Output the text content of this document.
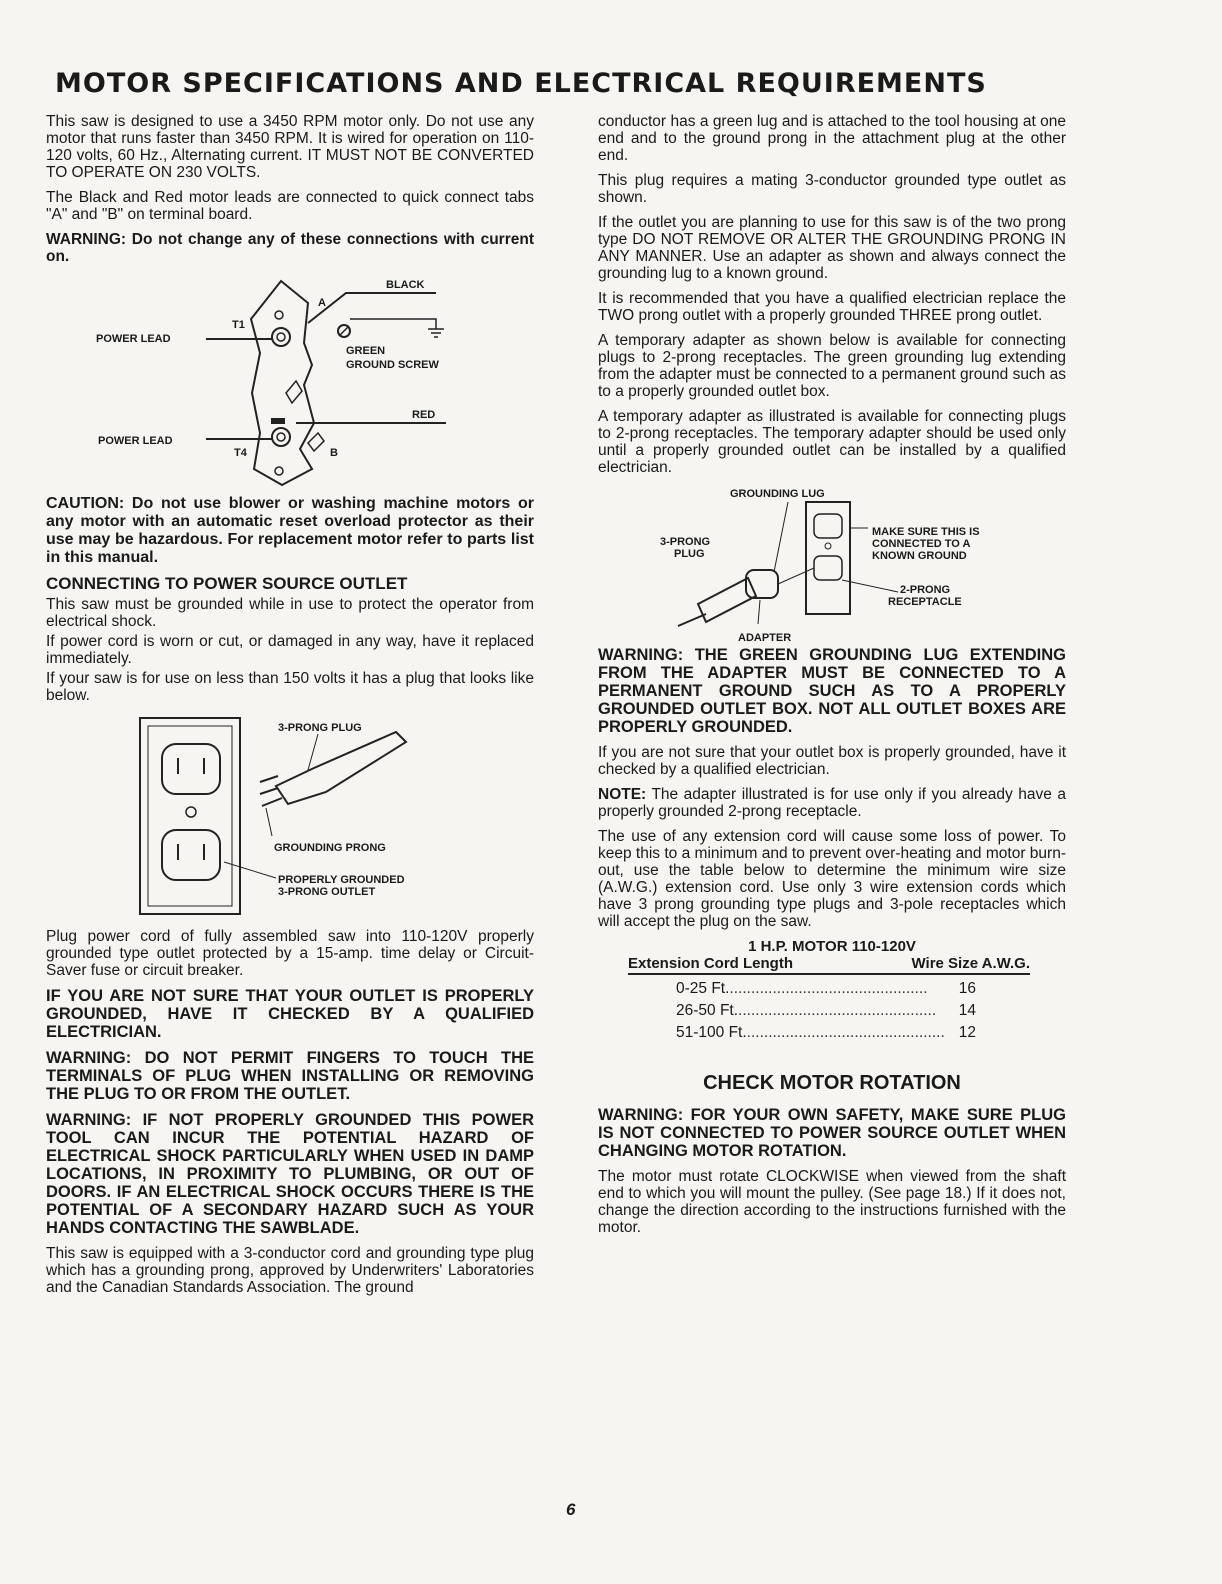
MOTOR SPECIFICATIONS AND ELECTRICAL REQUIREMENTS

This saw is designed to use a 3450 RPM motor only. Do not use any motor that runs faster than 3450 RPM. It is wired for operation on 110-120 volts, 60 Hz., Alternating current. IT MUST NOT BE CONVERTED TO OPERATE ON 230 VOLTS.

The Black and Red motor leads are connected to quick connect tabs "A" and "B" on terminal board.

WARNING: Do not change any of these connections with current on.

BLACK
POWER LEAD
T1
A
GREEN
GROUND SCREW
RED
POWER LEAD
T4	B

CAUTION: Do not use blower or washing machine motors or any motor with an automatic reset overload protector as their use may be hazardous. For replacement motor refer to parts list in this manual.

CONNECTING TO POWER SOURCE OUTLET

This saw must be grounded while in use to protect the operator from electrical shock.

If power cord is worn or cut, or damaged in any way, have it replaced immediately.

If your saw is for use on less than 150 volts it has a plug that looks like below.

3-PRONG PLUG
GROUNDING PRONG
PROPERLY GROUNDED
3-PRONG OUTLET

Plug power cord of fully assembled saw into 110-120V properly grounded type outlet protected by a 15-amp. time delay or Circuit-Saver fuse or circuit breaker.

IF YOU ARE NOT SURE THAT YOUR OUTLET IS PROPERLY GROUNDED, HAVE IT CHECKED BY A QUALIFIED ELECTRICIAN.

WARNING: DO NOT PERMIT FINGERS TO TOUCH THE TERMINALS OF PLUG WHEN INSTALLING OR REMOVING THE PLUG TO OR FROM THE OUTLET.

WARNING: IF NOT PROPERLY GROUNDED THIS POWER TOOL CAN INCUR THE POTENTIAL HAZARD OF ELECTRICAL SHOCK PARTICULARLY WHEN USED IN DAMP LOCATIONS, IN PROXIMITY TO PLUMBING, OR OUT OF DOORS. IF AN ELECTRICAL SHOCK OCCURS THERE IS THE POTENTIAL OF A SECONDARY HAZARD SUCH AS YOUR HANDS CONTACTING THE SAWBLADE.

This saw is equipped with a 3-conductor cord and grounding type plug which has a grounding prong, approved by Underwriters' Laboratories and the Canadian Standards Association. The ground

conductor has a green lug and is attached to the tool housing at one end and to the ground prong in the attachment plug at the other end.

This plug requires a mating 3-conductor grounded type outlet as shown.

If the outlet you are planning to use for this saw is of the two prong type DO NOT REMOVE OR ALTER THE GROUNDING PRONG IN ANY MANNER. Use an adapter as shown and always connect the grounding lug to a known ground.

It is recommended that you have a qualified electrician replace the TWO prong outlet with a properly grounded THREE prong outlet.

A temporary adapter as shown below is available for connecting plugs to 2-prong receptacles. The green grounding lug extending from the adapter must be connected to a permanent ground such as to a properly grounded outlet box.

A temporary adapter as illustrated is available for connecting plugs to 2-prong receptacles. The temporary adapter should be used only until a properly grounded outlet can be installed by a qualified electrician.

GROUNDING LUG
3-PRONG
PLUG
MAKE SURE THIS IS
CONNECTED TO A
KNOWN GROUND
2-PRONG
RECEPTACLE
ADAPTER

WARNING: THE GREEN GROUNDING LUG EXTENDING FROM THE ADAPTER MUST BE CONNECTED TO A PERMANENT GROUND SUCH AS TO A PROPERLY GROUNDED OUTLET BOX. NOT ALL OUTLET BOXES ARE PROPERLY GROUNDED.

If you are not sure that your outlet box is properly grounded, have it checked by a qualified electrician.

NOTE: The adapter illustrated is for use only if you already have a properly grounded 2-prong receptacle.

The use of any extension cord will cause some loss of power. To keep this to a minimum and to prevent over-heating and motor burn-out, use the table below to determine the minimum wire size (A.W.G.) extension cord. Use only 3 wire extension cords which have 3 prong grounding type plugs and 3-pole receptacles which will accept the plug on the saw.

1 H.P. MOTOR 110-120V
Extension Cord Length	Wire Size A.W.G.
0-25 Ft. ..............................................	16
26-50 Ft. ..............................................	14
51-100 Ft. .............................................. 12
CHECK MOTOR ROTATION

WARNING: FOR YOUR OWN SAFETY, MAKE SURE PLUG IS NOT CONNECTED TO POWER SOURCE OUTLET WHEN CHANGING MOTOR ROTATION.

The motor must rotate CLOCKWISE when viewed from the shaft end to which you will mount the pulley. (See page 18.) If it does not, change the direction according to the instructions furnished with the motor.

6
